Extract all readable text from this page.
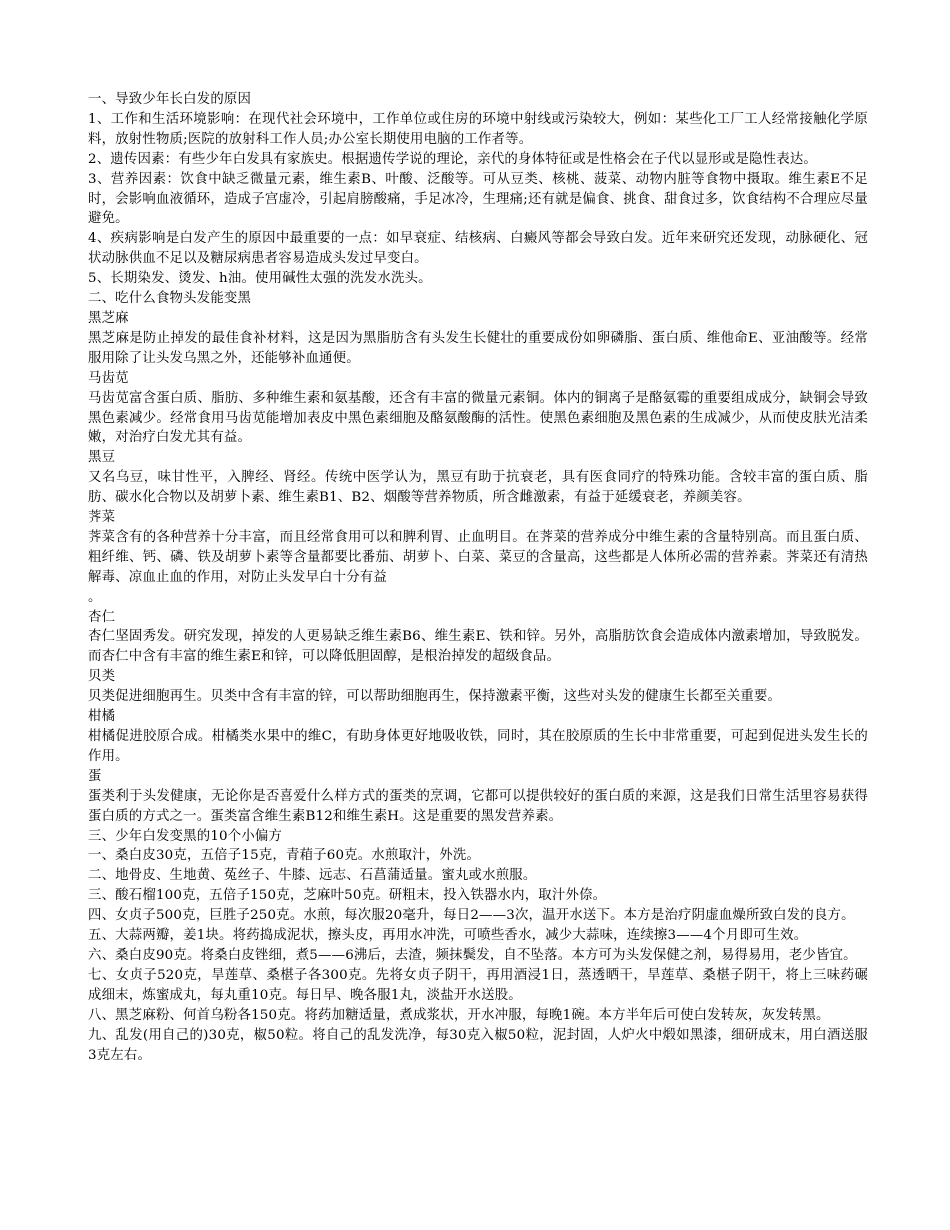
一、导致少年长白发的原因

1、工作和生活环境影响：在现代社会环境中，工作单位或住房的环境中射线或污染较大，例如：某些化工厂工人经常接触化学原料，放射性物质;医院的放射科工作人员;办公室长期使用电脑的工作者等。

2、遗传因素：有些少年白发具有家族史。根据遗传学说的理论，亲代的身体特征或是性格会在子代以显形或是隐性表达。

3、营养因素：饮食中缺乏微量元素，维生素B、叶酸、泛酸等。可从豆类、核桃、菠菜、动物内脏等食物中摄取。维生素E不足时，会影响血液循环，造成子宫虚冷，引起肩膀酸痛，手足冰冷，生理痛;还有就是偏食、挑食、甜食过多，饮食结构不合理应尽量避免。

4、疾病影响是白发产生的原因中最重要的一点：如早衰症、结核病、白癜风等都会导致白发。近年来研究还发现，动脉硬化、冠状动脉供血不足以及糖尿病患者容易造成头发过早变白。

5、长期染发、烫发、h油。使用碱性太强的洗发水洗头。

二、吃什么食物头发能变黑

黑芝麻

黑芝麻是防止掉发的最佳食补材料，这是因为黑脂肪含有头发生长健壮的重要成份如卵磷脂、蛋白质、维他命E、亚油酸等。经常服用除了让头发乌黑之外，还能够补血通便。

马齿苋

马齿苋富含蛋白质、脂肪、多种维生素和氨基酸，还含有丰富的微量元素铜。体内的铜离子是酪氨霉的重要组成成分，缺铜会导致黑色素减少。经常食用马齿苋能增加表皮中黑色素细胞及酪氨酸酶的活性。使黑色素细胞及黑色素的生成减少，从而使皮肤光洁柔嫩，对治疗白发尤其有益。

黑豆

又名乌豆，味甘性平，入脾经、肾经。传统中医学认为，黑豆有助于抗衰老，具有医食同疗的特殊功能。含较丰富的蛋白质、脂肪、碳水化合物以及胡萝卜素、维生素B1、B2、烟酸等营养物质，所含雌激素，有益于延缓衰老，养颜美容。

荠菜

荠菜含有的各种营养十分丰富，而且经常食用可以和脾利胃、止血明目。在荠菜的营养成分中维生素的含量特别高。而且蛋白质、粗纤维、钙、磷、铁及胡萝卜素等含量都要比番茄、胡萝卜、白菜、菜豆的含量高，这些都是人体所必需的营养素。荠菜还有清热解毒、凉血止血的作用，对防止头发早白十分有益

。

杏仁

杏仁坚固秀发。研究发现，掉发的人更易缺乏维生素B6、维生素E、铁和锌。另外，高脂肪饮食会造成体内激素增加，导致脱发。而杏仁中含有丰富的维生素E和锌，可以降低胆固醇，是根治掉发的超级食品。

贝类

贝类促进细胞再生。贝类中含有丰富的锌，可以帮助细胞再生，保持激素平衡，这些对头发的健康生长都至关重要。

柑橘

柑橘促进胶原合成。柑橘类水果中的维C，有助身体更好地吸收铁，同时，其在胶原质的生长中非常重要，可起到促进头发生长的作用。

蛋

蛋类利于头发健康，无论你是否喜爱什么样方式的蛋类的烹调，它都可以提供较好的蛋白质的来源，这是我们日常生活里容易获得蛋白质的方式之一。蛋类富含维生素B12和维生素H。这是重要的黑发营养素。

三、少年白发变黑的10个小偏方

一、桑白皮30克，五倍子15克，青葙子60克。水煎取汁，外洗。

二、地骨皮、生地黄、菟丝子、牛膝、远志、石菖蒲适量。蜜丸或水煎服。

三、酸石榴100克，五倍子150克，芝麻叶50克。研粗末，投入铁器水内，取汁外倷。

四、女贞子500克，巨胜子250克。水煎，每次服20毫升，每日2——3次，温开水送下。本方是治疗阴虚血燥所致白发的良方。

五、大蒜两瓣，姜1块。将药捣成泥状，擦头皮，再用水冲洗，可喷些香水，减少大蒜味，连续擦3——4个月即可生效。

六、桑白皮90克。将桑白皮锉细，煮5——6沸后，去渣，频抹鬓发，自不坠落。本方可为头发保健之剂，易得易用，老少皆宜。

七、女贞子520克，旱莲草、桑椹子各300克。先将女贞子阴干，再用酒浸1日，蒸透晒干，旱莲草、桑椹子阴干，将上三味药碾成细末，炼蜜成丸，每丸重10克。每日早、晚各服1丸，淡盐开水送股。

八、黑芝麻粉、何首乌粉各150克。将药加糖适量，煮成浆状，开水冲服，每晚1碗。本方半年后可使白发转灰，灰发转黑。

九、乱发(用自己的)30克，椒50粒。将自己的乱发洗净，每30克入椒50粒，泥封固，人炉火中煅如黑漆，细研成末，用白酒送服3克左右。
